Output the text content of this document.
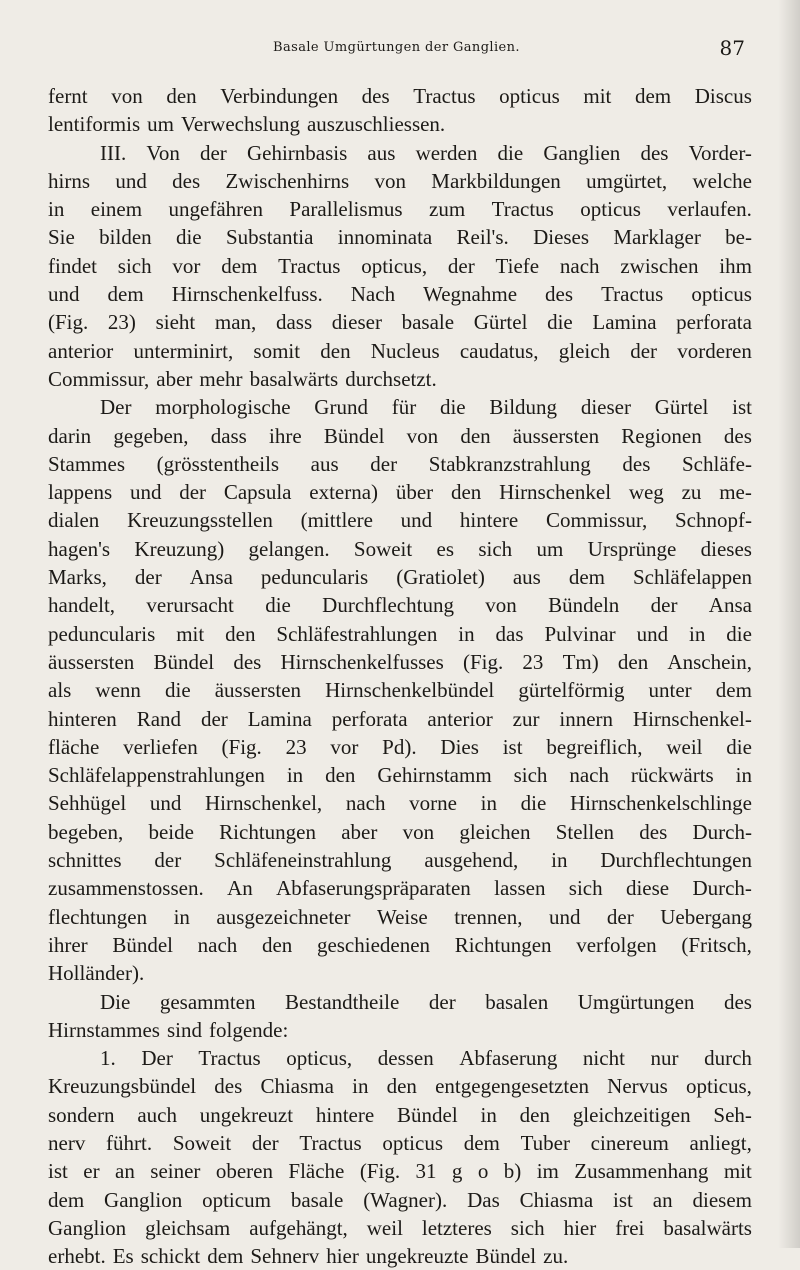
Basale Umgürtungen der Ganglien.	87
fernt von den Verbindungen des Tractus opticus mit dem Discus
lentiformis um Verwechslung auszuschliessen.
III. Von der Gehirnbasis aus werden die Ganglien des Vorder-
hirns und des Zwischenhirns von Markbildungen umgürtet, welche
in einem ungefähren Parallelismus zum Tractus opticus verlaufen.
Sie bilden die Substantia innominata Reil's. Dieses Marklager be-
findet sich vor dem Tractus opticus, der Tiefe nach zwischen ihm
und dem Hirnschenkelfuss. Nach Wegnahme des Tractus opticus
(Fig. 23) sieht man, dass dieser basale Gürtel die Lamina perforata
anterior unterminirt, somit den Nucleus caudatus, gleich der vorderen
Commissur, aber mehr basalwärts durchsetzt.
Der morphologische Grund für die Bildung dieser Gürtel ist
darin gegeben, dass ihre Bündel von den äussersten Regionen des
Stammes (grösstentheils aus der Stabkranzstrahlung des Schläfe-
lappens und der Capsula externa) über den Hirnschenkel weg zu me-
dialen Kreuzungsstellen (mittlere und hintere Commissur, Schnopf-
hagen's Kreuzung) gelangen. Soweit es sich um Ursprünge dieses
Marks, der Ansa peduncularis (Gratiolet) aus dem Schläfelappen
handelt, verursacht die Durchflechtung von Bündeln der Ansa
peduncularis mit den Schläfestrahlungen in das Pulvinar und in die
äussersten Bündel des Hirnschenkelfusses (Fig. 23 Tm) den Anschein,
als wenn die äussersten Hirnschenkelbündel gürtelförmig unter dem
hinteren Rand der Lamina perforata anterior zur innern Hirnschenkel-
fläche verliefen (Fig. 23 vor Pd). Dies ist begreiflich, weil die
Schläfelappenstrahlungen in den Gehirnstamm sich nach rückwärts in
Sehhügel und Hirnschenkel, nach vorne in die Hirnschenkelschlinge
begeben, beide Richtungen aber von gleichen Stellen des Durch-
schnittes der Schläfeneinstrahlung ausgehend, in Durchflechtungen
zusammenstossen. An Abfaserungspräparaten lassen sich diese Durch-
flechtungen in ausgezeichneter Weise trennen, und der Uebergang
ihrer Bündel nach den geschiedenen Richtungen verfolgen (Fritsch,
Holländer).
Die gesammten Bestandtheile der basalen Umgürtungen des
Hirnstammes sind folgende:
1. Der Tractus opticus, dessen Abfaserung nicht nur durch
Kreuzungsbündel des Chiasma in den entgegengesetzten Nervus opticus,
sondern auch ungekreuzt hintere Bündel in den gleichzeitigen Seh-
nerv führt. Soweit der Tractus opticus dem Tuber cinereum anliegt,
ist er an seiner oberen Fläche (Fig. 31 g o b) im Zusammenhang mit
dem Ganglion opticum basale (Wagner). Das Chiasma ist an diesem
Ganglion gleichsam aufgehängt, weil letzteres sich hier frei basalwärts
erhebt. Es schickt dem Sehnerv hier ungekreuzte Bündel zu.
